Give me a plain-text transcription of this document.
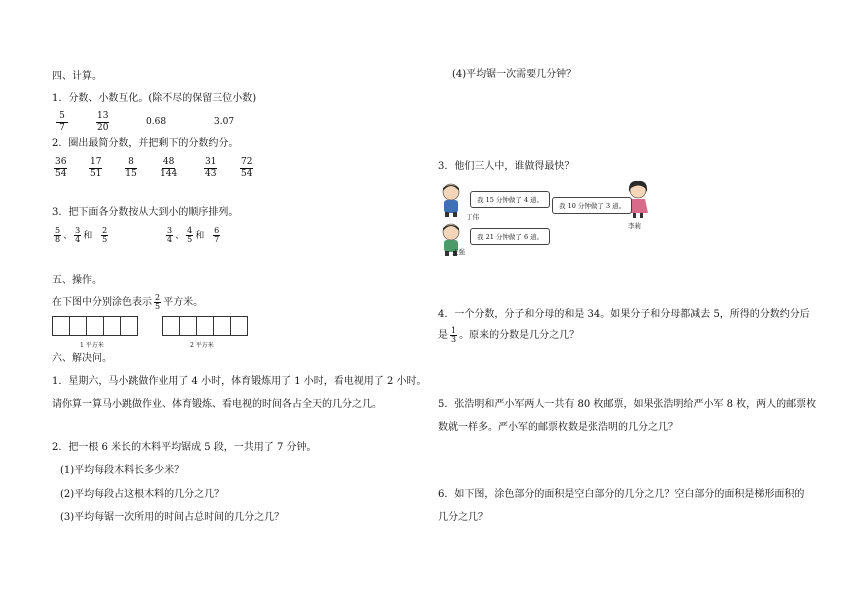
四、计算。
1．分数、小数互化。(除不尽的保留三位小数)
$\frac{5}{7}$	$\frac{13}{20}$	0.68	3.07
2．圈出最简分数，并把剩下的分数约分。
$\frac{36}{54} \frac{17}{51}$	$\frac{8}{15}$	$\frac{48}{144}$	$\frac{31}{43}$	$\frac{72}{54}$
3．把下面各分数按从大到小的顺序排列。
$\frac{5}{8}$ 、 $\frac{3}{4}$ 和 $\frac{2}{5}$	$\frac{3}{4}$ 、 $\frac{4}{5}$ 和 $\frac{6}{7}$
五、操作。
在下图中分别涂色表示 $\frac{2}{5}$ 平方米。
1 平方米	2 平方米
六、解决问。
1．星期六，马小跳做作业用了 4 小时，体育锻炼用了 1 小时，看电视用了 2 小时。
请你算一算马小跳做作业、体育锻炼、看电视的时间各占全天的几分之几。
2．把一根 6 米长的木料平均锯成 5 段，一共用了 7 分钟。
(1)平均每段木料长多少米？
(2)平均每段占这根木料的几分之几？
(3)平均每锯一次所用的时间占总时间的几分之几？
(4)平均锯一次需要几分钟？
3．他们三人中，谁做得最快？
丁伟
我 15 分钟做了 4 道。
李莉
我 10 分钟做了 3 道。
王强
我 21 分钟做了 6 道。
4．一个分数，分子和分母的和是 34。如果分子和分母都减去 5，所得的分数约分后
是 $\frac{1}{3}$ 。原来的分数是几分之几？
5．张浩明和严小军两人一共有 80 枚邮票，如果张浩明给严小军 8 枚，两人的邮票枚
数就一样多。严小军的邮票枚数是张浩明的几分之几？
6．如下图，涂色部分的面积是空白部分的几分之几？空白部分的面积是梯形面积的
几分之几？
